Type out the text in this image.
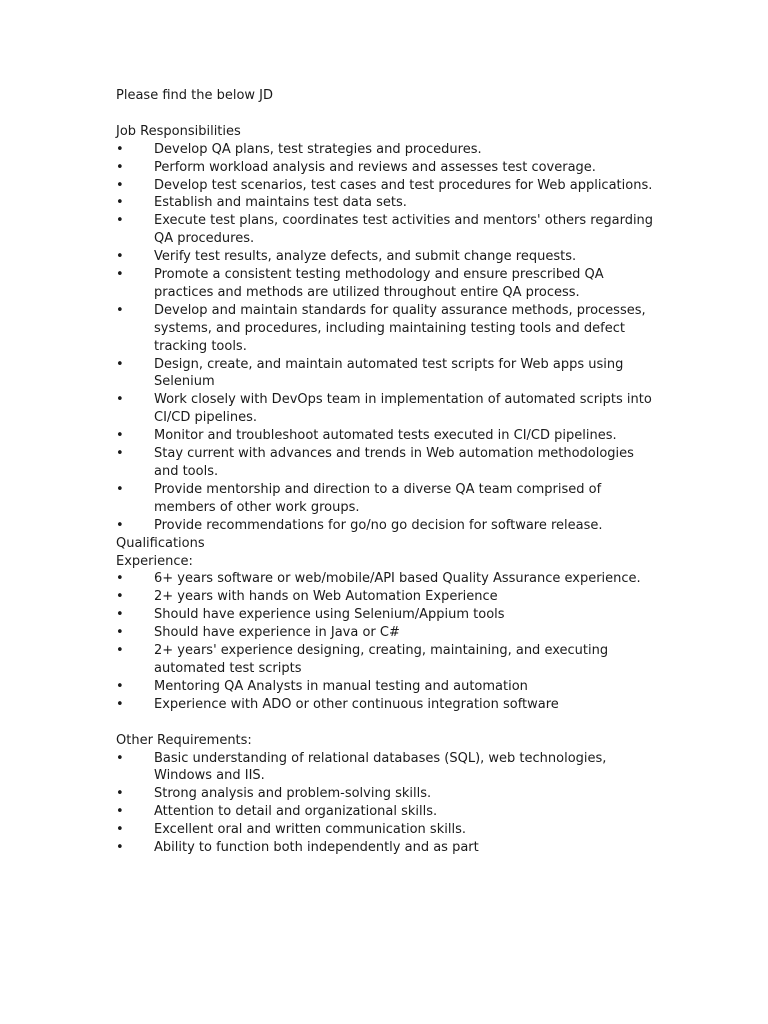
Please find the below JD

Job Responsibilities

• Develop QA plans, test strategies and procedures.

• Perform workload analysis and reviews and assesses test coverage.

• Develop test scenarios, test cases and test procedures for Web applications.

• Establish and maintains test data sets.

• Execute test plans, coordinates test activities and mentors' others regarding QA procedures.

• Verify test results, analyze defects, and submit change requests.

• Promote a consistent testing methodology and ensure prescribed QA practices and methods are utilized throughout entire QA process.

• Develop and maintain standards for quality assurance methods, processes, systems, and procedures, including maintaining testing tools and defect tracking tools.

• Design, create, and maintain automated test scripts for Web apps using Selenium

• Work closely with DevOps team in implementation of automated scripts into CI/CD pipelines.

• Monitor and troubleshoot automated tests executed in CI/CD pipelines.

• Stay current with advances and trends in Web automation methodologies and tools.

• Provide mentorship and direction to a diverse QA team comprised of members of other work groups.

• Provide recommendations for go/no go decision for software release.

Qualifications

Experience:

• 6+ years software or web/mobile/API based Quality Assurance experience.

• 2+ years with hands on Web Automation Experience

• Should have experience using Selenium/Appium tools

• Should have experience in Java or C#

• 2+ years' experience designing, creating, maintaining, and executing automated test scripts

• Mentoring QA Analysts in manual testing and automation

• Experience with ADO or other continuous integration software

Other Requirements:

• Basic understanding of relational databases (SQL), web technologies, Windows and IIS.

• Strong analysis and problem-solving skills.

• Attention to detail and organizational skills.

• Excellent oral and written communication skills.

• Ability to function both independently and as part
